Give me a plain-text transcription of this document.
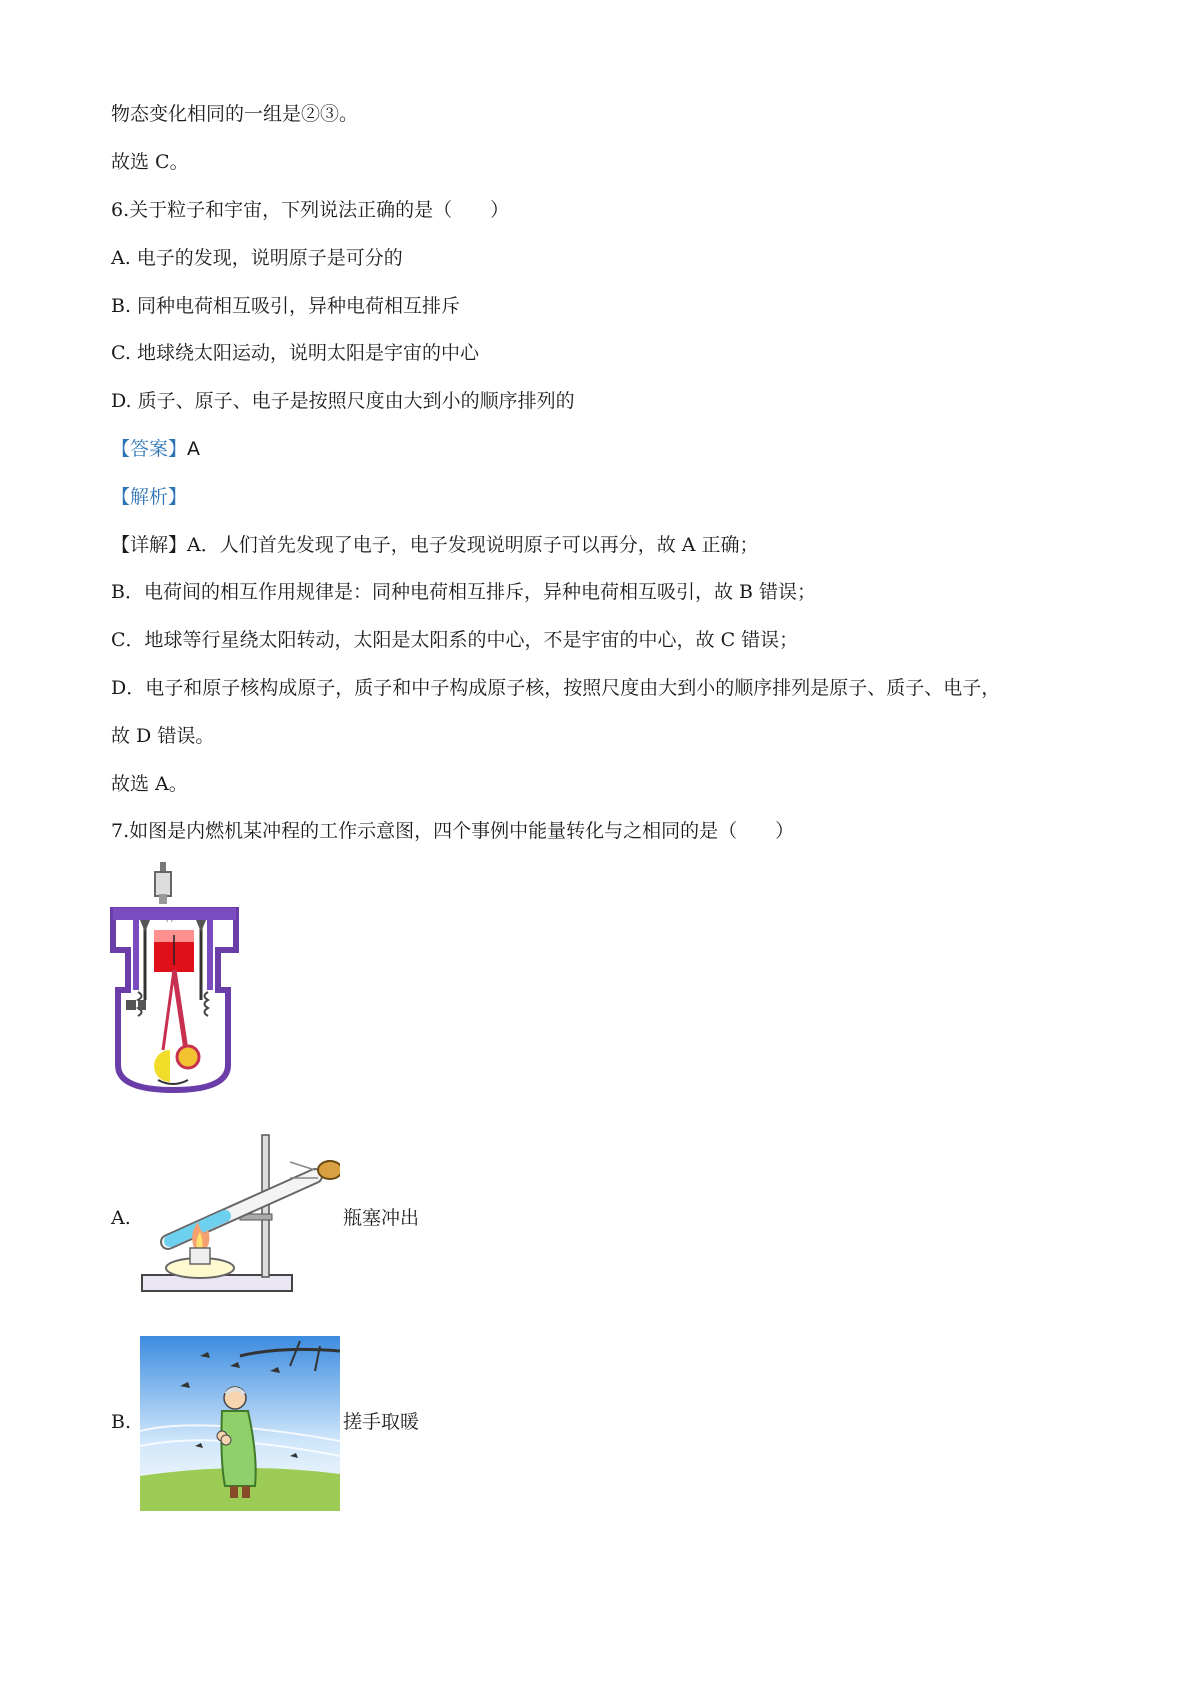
物态变化相同的一组是②③。
故选 C。
6.关于粒子和宇宙，下列说法正确的是（　　）
A. 电子的发现，说明原子是可分的
B. 同种电荷相互吸引，异种电荷相互排斥
C. 地球绕太阳运动，说明太阳是宇宙的中心
D. 质子、原子、电子是按照尺度由大到小的顺序排列的
【答案】A
【解析】
【详解】A．人们首先发现了电子，电子发现说明原子可以再分，故 A 正确；
B．电荷间的相互作用规律是：同种电荷相互排斥，异种电荷相互吸引，故 B 错误；
C．地球等行星绕太阳转动，太阳是太阳系的中心，不是宇宙的中心，故 C 错误；
D．电子和原子核构成原子，质子和中子构成原子核，按照尺度由大到小的顺序排列是原子、质子、电子，
故 D 错误。
故选 A。
7.如图是内燃机某冲程的工作示意图，四个事例中能量转化与之相同的是（　　）
' '
A.	瓶塞冲出
B.	搓手取暖
